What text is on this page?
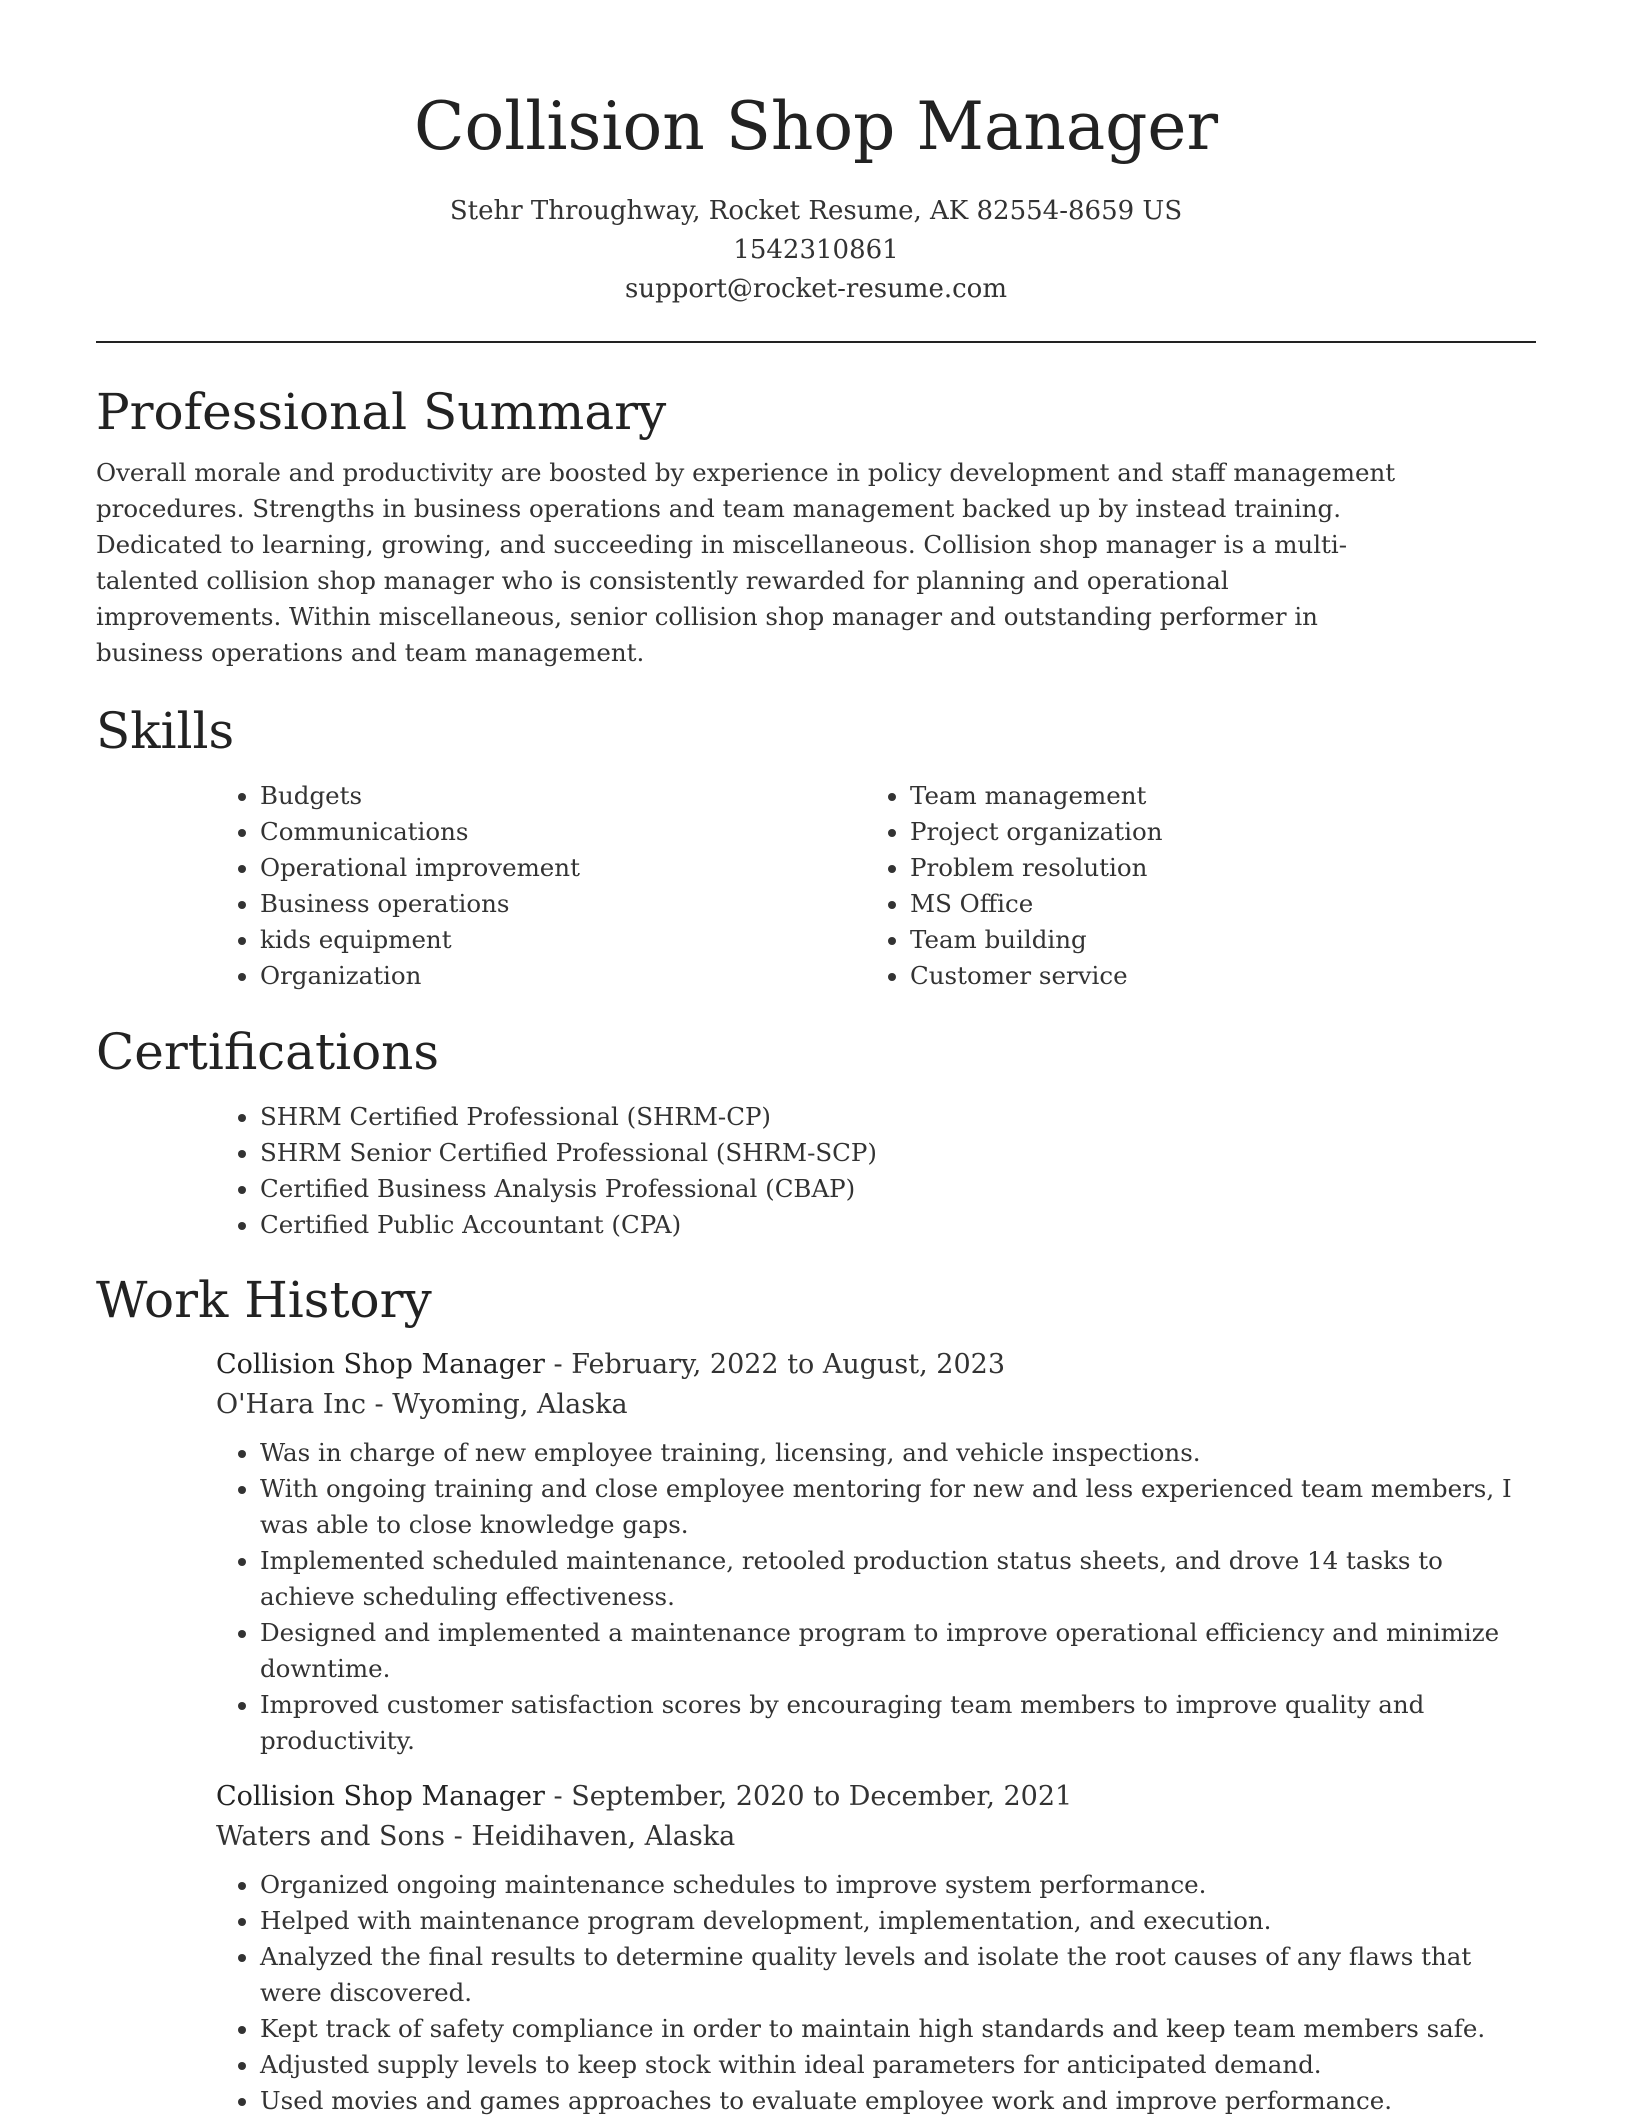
Collision Shop Manager

Stehr Throughway, Rocket Resume, AK 82554-8659 US

1542310861

support@rocket-resume.com

Professional Summary

Overall morale and productivity are boosted by experience in policy development and staff management procedures. Strengths in business operations and team management backed up by instead training. Dedicated to learning, growing, and succeeding in miscellaneous. Collision shop manager is a multi-talented collision shop manager who is consistently rewarded for planning and operational improvements. Within miscellaneous, senior collision shop manager and outstanding performer in business operations and team management.

Skills
• Budgets
• Communications
• Operational improvement
• Business operations
• kids equipment
• Organization
• Team management
• Project organization
• Problem resolution
• MS Office
• Team building
• Customer service
Certifications
• SHRM Certified Professional (SHRM-CP)
• SHRM Senior Certified Professional (SHRM-SCP)
• Certified Business Analysis Professional (CBAP)
• Certified Public Accountant (CPA)
Work History

Collision Shop Manager - February, 2022 to August, 2023

O'Hara Inc - Wyoming, Alaska

• Was in charge of new employee training, licensing, and vehicle inspections.
• With ongoing training and close employee mentoring for new and less experienced team members, I was able to close knowledge gaps.
• Implemented scheduled maintenance, retooled production status sheets, and drove 14 tasks to achieve scheduling effectiveness.
• Designed and implemented a maintenance program to improve operational efficiency and minimize downtime.
• Improved customer satisfaction scores by encouraging team members to improve quality and productivity.

Collision Shop Manager - September, 2020 to December, 2021

Waters and Sons - Heidihaven, Alaska

• Organized ongoing maintenance schedules to improve system performance.
• Helped with maintenance program development, implementation, and execution.
• Analyzed the final results to determine quality levels and isolate the root causes of any flaws that were discovered.
• Kept track of safety compliance in order to maintain high standards and keep team members safe.
• Adjusted supply levels to keep stock within ideal parameters for anticipated demand.
• Used movies and games approaches to evaluate employee work and improve performance.
